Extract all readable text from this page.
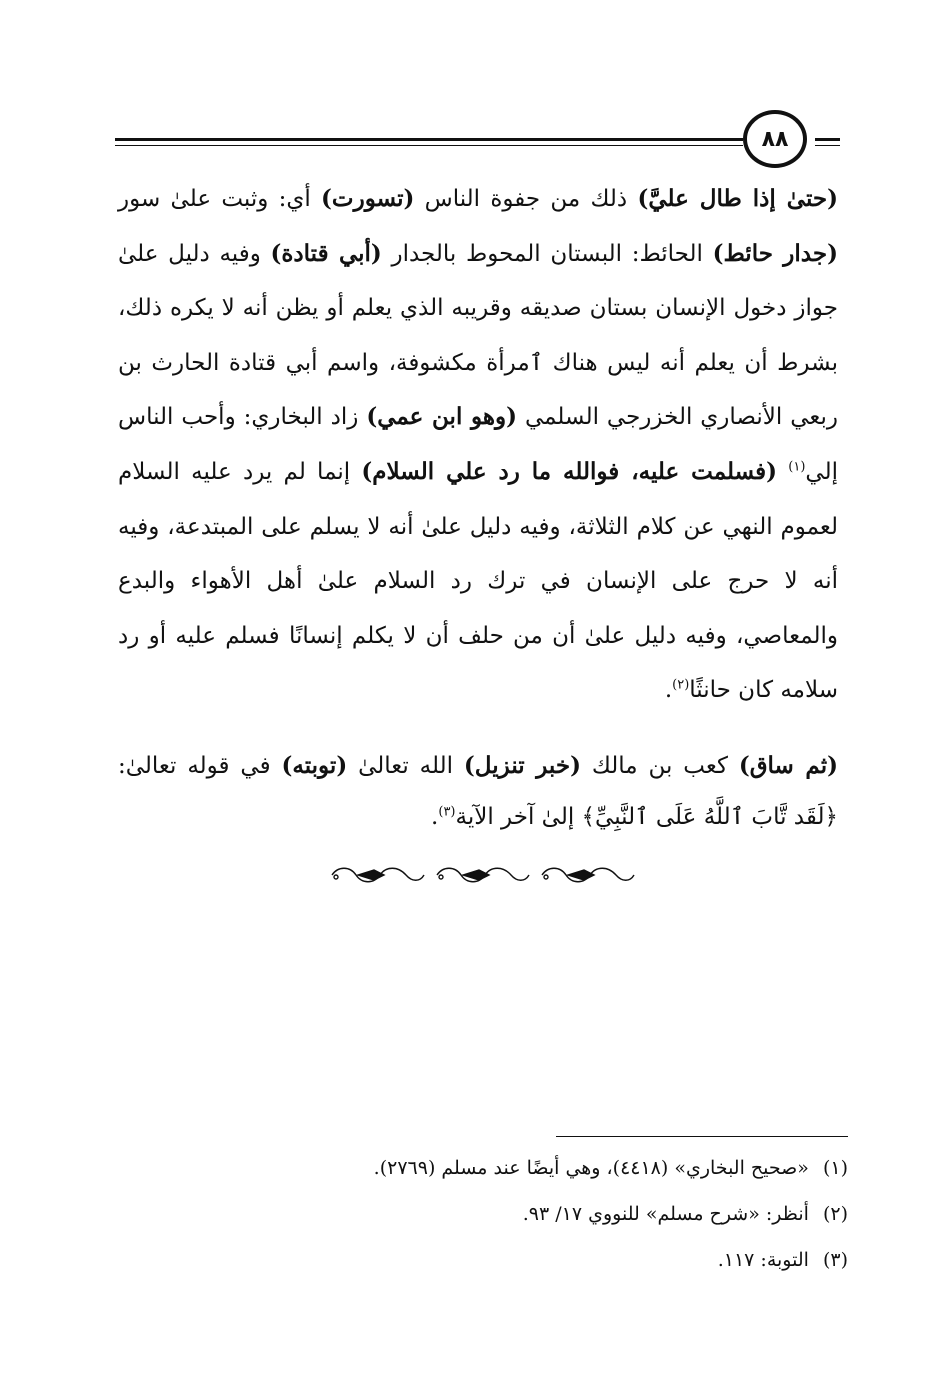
٨٨

(حتىٰ إذا طال عليَّ) ذلك من جفوة الناس (تسورت) أي: وثبت علىٰ سور (جدار حائط) الحائط: البستان المحوط بالجدار (أبي قتادة) وفيه دليل علىٰ جواز دخول الإنسان بستان صديقه وقريبه الذي يعلم أو يظن أنه لا يكره ذلك، بشرط أن يعلم أنه ليس هناك ٱمرأة مكشوفة، واسم أبي قتادة الحارث بن ربعي الأنصاري الخزرجي السلمي (وهو ابن عمي) زاد البخاري: وأحب الناس إلي$^{(١)}$ (فسلمت عليه، فوالله ما رد علي السلام) إنما لم يرد عليه السلام لعموم النهي عن كلام الثلاثة، وفيه دليل علىٰ أنه لا يسلم على المبتدعة، وفيه أنه لا حرج على الإنسان في ترك رد السلام علىٰ أهل الأهواء والبدع والمعاصي، وفيه دليل علىٰ أن من حلف أن لا يكلم إنسانًا فسلم عليه أو رد سلامه كان حانثًا$^{(٢)}$.

(ثم ساق) كعب بن مالك (خبر تنزيل) الله تعالىٰ (توبته) في قوله تعالىٰ: ﴿لَقَد تَّابَ ٱللَّهُ عَلَى ٱلنَّبِيِّ﴾ إلىٰ آخر الآية$^{(٣)}$.

(١)«صحيح البخاري» (٤٤١٨)، وهي أيضًا عند مسلم (٢٧٦٩).
(٢)أنظر: «شرح مسلم» للنووي ١٧/ ٩٣.
(٣)التوبة: ١١٧.
